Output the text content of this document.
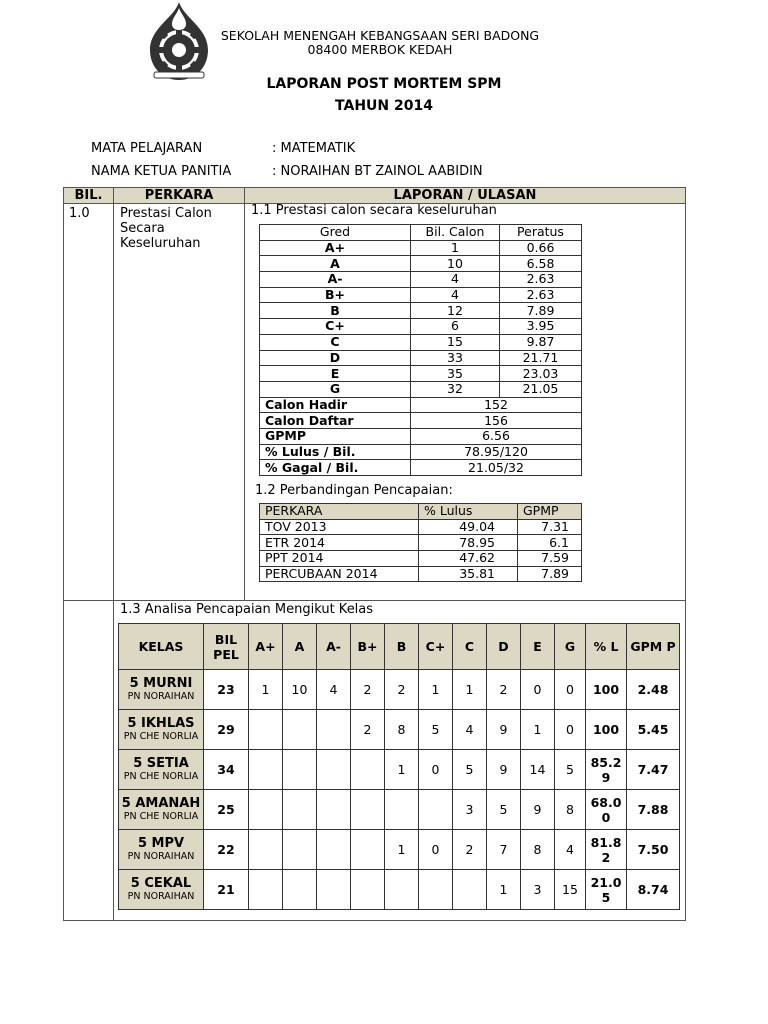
SEKOLAH MENENGAH KEBANGSAAN SERI BADONG
08400 MERBOK KEDAH
LAPORAN POST MORTEM SPM
TAHUN 2014
MATA PELAJARAN	: MATEMATIK
NAMA KETUA PANITIA	: NORAIHAN BT ZAINOL AABIDIN
BIL.	PERKARA	LAPORAN / ULASAN
1.0	Prestasi Calon Secara Keseluruhan	

1.1 Prestasi calon secara keseluruhan
Gred	Bil. Calon	Peratus
A+	1	0.66
A	10	6.58
A-	4	2.63
B+	4	2.63
B	12	7.89
C+	6	3.95
C	15	9.87
D	33	21.71
E	35	23.03
G	32	21.05
Calon Hadir	152	
Calon Daftar	156	
GPMP	6.56	
% Lulus / Bil.	78.95/120	
% Gagal / Bil.	21.05/32	
1.2 Perbandingan Pencapaian:
PERKARA	% Lulus	GPMP
TOV 2013	49.04	7.31
ETR 2014	78.95	6.1
PPT 2014	47.62	7.59
PERCUBAAN 2014	35.81	7.89
1.3 Analisa Pencapaian Mengikut Kelas
KELAS	BIL PEL	A+	A	A-	B+	B	C+	C	D	E	G	% L	GPM P

5 MURNI
PN NORAIHAN	23	1	10	4	2	2	1	1	2	0	0	100	2.48

5 IKHLAS
PN CHE NORLIA	29				2	8	5	4	9	1	0	100	5.45

5 SETIA
PN CHE NORLIA	34					1	0	5	9	14	5	85.2 9	7.47

5 AMANAH
PN CHE NORLIA	25							3	5	9	8	68.0 0	7.88

5 MPV
PN NORAIHAN	22					1	0	2	7	8	4	81.8 2	7.50

5 CEKAL
PN NORAIHAN	21								1	3	15	21.0 5	8.74
